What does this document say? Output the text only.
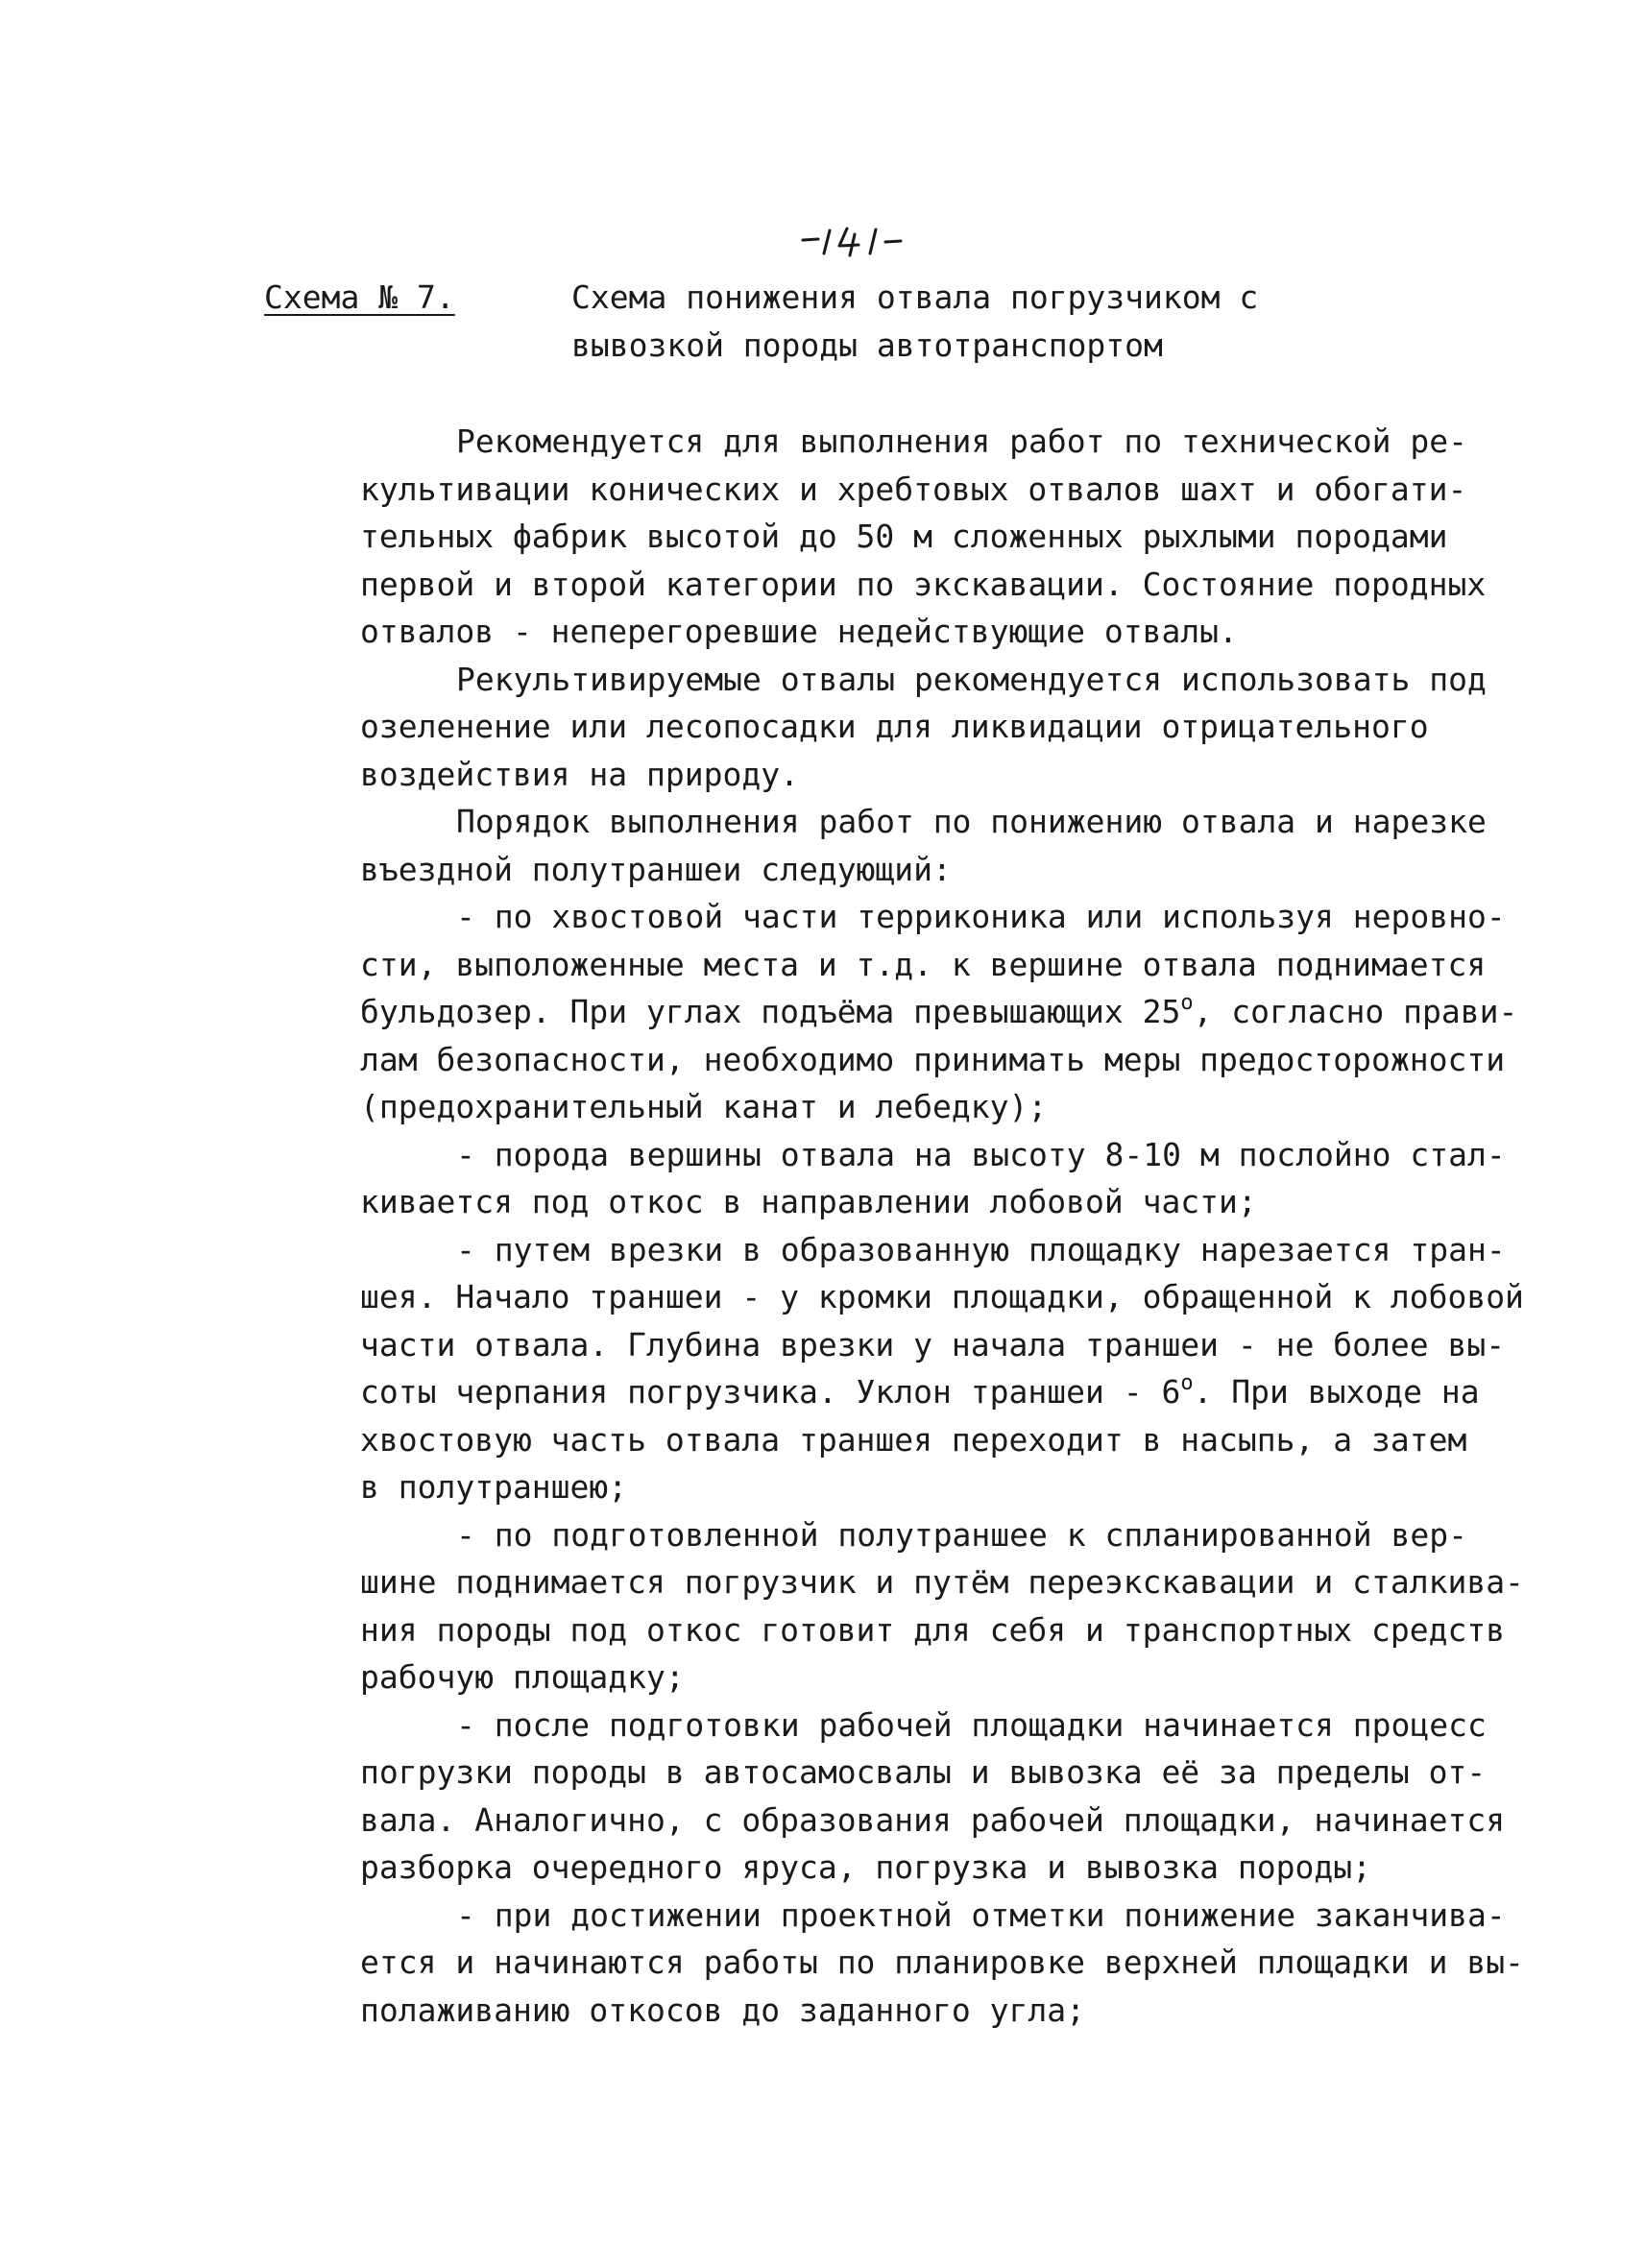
Схема № 7.	Схема понижения отвала погрузчиком с
вывозкой породы автотранспортом
Рекомендуется для выполнения работ по технической ре-
культивации конических и хребтовых отвалов шахт и обогати-
тельных фабрик высотой до 50 м сложенных рыхлыми породами
первой и второй категории по экскавации. Состояние породных
отвалов - неперегоревшие недействующие отвалы.
Рекультивируемые отвалы рекомендуется использовать под
озеленение или лесопосадки для ликвидации отрицательного
воздействия на природу.
Порядок выполнения работ по понижению отвала и нарезке
въездной полутраншеи следующий:
- по хвостовой части терриконика или используя неровно-
сти, выположенные места и т.д. к вершине отвала поднимается
бульдозер. При углах подъёма превышающих $25^о$, согласно прави-
лам безопасности, необходимо принимать меры предосторожности
(предохранительный канат и лебедку);
- порода вершины отвала на высоту 8-10 м послойно стал-
кивается под откос в направлении лобовой части;
- путем врезки в образованную площадку нарезается тран-
шея. Начало траншеи - у кромки площадки, обращенной к лобовой
части отвала. Глубина врезки у начала траншеи - не более вы-
соты черпания погрузчика. Уклон траншеи - $6^о$. При выходе на
хвостовую часть отвала траншея переходит в насыпь, а затем
в полутраншею;
- по подготовленной полутраншее к спланированной вер-
шине поднимается погрузчик и путём переэкскавации и сталкива-
ния породы под откос готовит для себя и транспортных средств
рабочую площадку;
- после подготовки рабочей площадки начинается процесс
погрузки породы в автосамосвалы и вывозка её за пределы от-
вала. Аналогично, с образования рабочей площадки, начинается
разборка очередного яруса, погрузка и вывозка породы;
- при достижении проектной отметки понижение заканчива-
ется и начинаются работы по планировке верхней площадки и вы-
полаживанию откосов до заданного угла;
